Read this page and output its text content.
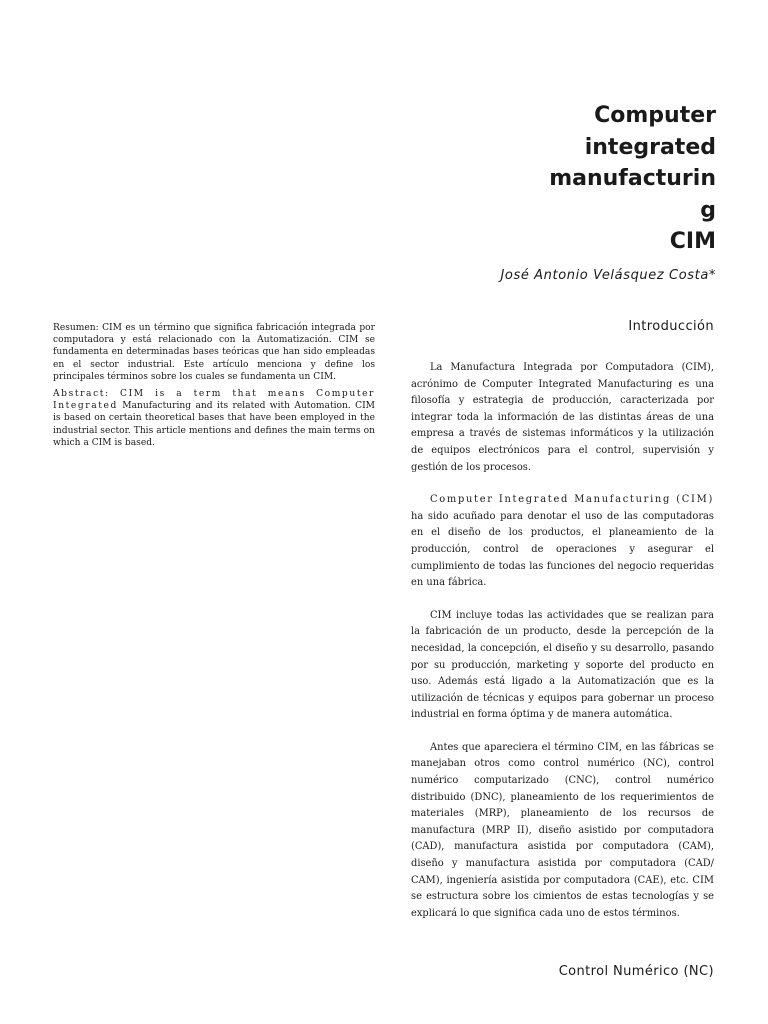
Computer
integrated
manufacturin
g
CIM
José Antonio Velásquez Costa*

Resumen: CIM es un término que significa fabricación integrada por computadora y está relacionado con la Automatización. CIM se fundamenta en determinadas bases teóricas que han sido empleadas en el sector industrial. Este artículo menciona y define los principales términos sobre los cuales se fundamenta un CIM.

Abstract: CIM is a term that means Computer Integrated Manufacturing and its related with Automation. CIM is based on certain theoretical bases that have been employed in the industrial sector. This article mentions and defines the main terms on which a CIM is based.

Introducción

La Manufactura Integrada por Computadora (CIM), acrónimo de Computer Integrated Manufacturing es una filosofía y estrategia de producción, caracterizada por integrar toda la información de las distintas áreas de una empresa a través de sistemas informáticos y la utilización de equipos electrónicos para el control, supervisión y gestión de los procesos.

Computer Integrated Manufacturing (CIM) ha sido acuñado para denotar el uso de las computadoras en el diseño de los productos, el planeamiento de la producción, control de operaciones y asegurar el cumplimiento de todas las funciones del negocio requeridas en una fábrica.

CIM incluye todas las actividades que se realizan para la fabricación de un producto, desde la percepción de la necesidad, la concepción, el diseño y su desarrollo, pasando por su producción, marketing y soporte del producto en uso. Además está ligado a la Automatización que es la utilización de técnicas y equipos para gobernar un proceso industrial en forma óptima y de manera automática.

Antes que apareciera el término CIM, en las fábricas se manejaban otros como control numérico (NC), control numérico computarizado (CNC), control numérico distribuido (DNC), planeamiento de los requerimientos de materiales (MRP), planeamiento de los recursos de manufactura (MRP II), diseño asistido por computadora (CAD), manufactura asistida por computadora (CAM), diseño y manufactura asistida por computadora (CAD/ CAM), ingeniería asistida por computadora (CAE), etc. CIM se estructura sobre los cimientos de estas tecnologías y se explicará lo que significa cada uno de estos términos.

Control Numérico (NC)
